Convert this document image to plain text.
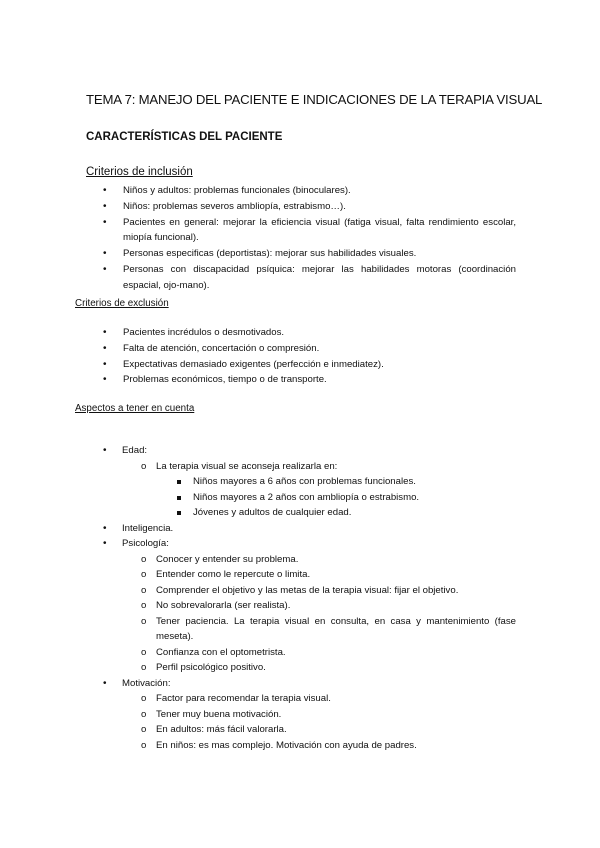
TEMA 7: MANEJO DEL PACIENTE E INDICACIONES DE LA TERAPIA VISUAL
CARACTERÍSTICAS DEL PACIENTE
Criterios de inclusión
• Niños y adultos: problemas funcionales (binoculares).
• Niños: problemas severos ambliopía, estrabismo…).
• Pacientes en general: mejorar la eficiencia visual (fatiga visual, falta rendimiento escolar, miopía funcional).
• Personas especificas (deportistas): mejorar sus habilidades visuales.
• Personas con discapacidad psíquica: mejorar las habilidades motoras (coordinación espacial, ojo-mano).
Criterios de exclusión
• Pacientes incrédulos o desmotivados.
• Falta de atención, concertación o compresión.
• Expectativas demasiado exigentes (perfección e inmediatez).
• Problemas económicos, tiempo o de transporte.
Aspectos a tener en cuenta
• Edad:
o La terapia visual se aconseja realizarla en:
Niños mayores a 6 años con problemas funcionales.
Niños mayores a 2 años con ambliopía o estrabismo.
Jóvenes y adultos de cualquier edad.
• Inteligencia.
• Psicología:
o Conocer y entender su problema.
o Entender como le repercute o limita.
o Comprender el objetivo y las metas de la terapia visual: fijar el objetivo.
o No sobrevalorarla (ser realista).
o Tener paciencia. La terapia visual en consulta, en casa y mantenimiento (fase meseta).
o Confianza con el optometrista.
o Perfil psicológico positivo.
• Motivación:
o Factor para recomendar la terapia visual.
o Tener muy buena motivación.
o En adultos: más fácil valorarla.
o En niños: es mas complejo. Motivación con ayuda de padres.
